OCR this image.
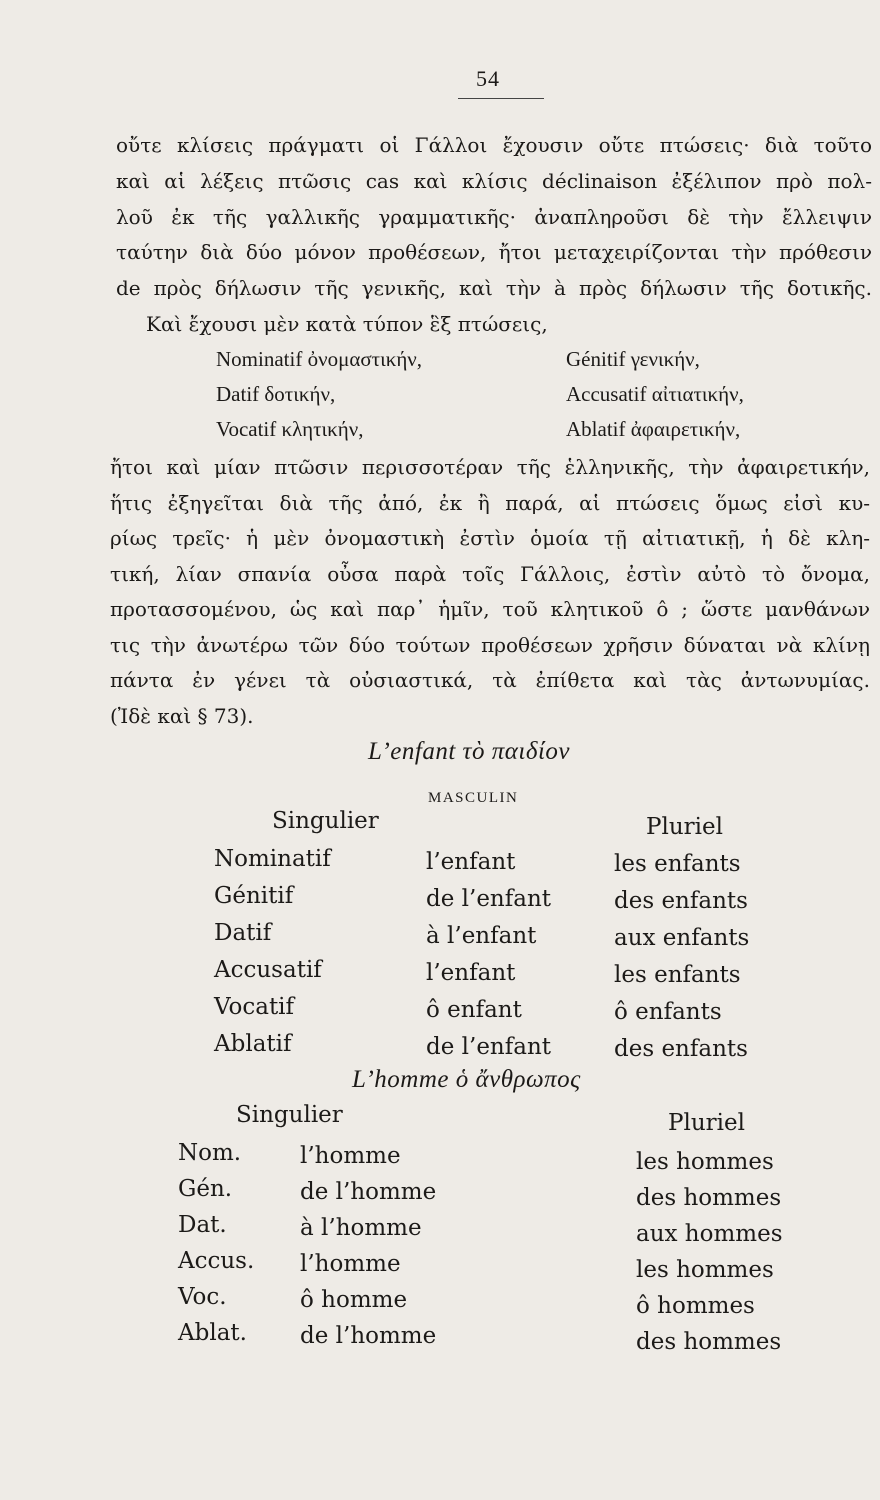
54
οὔτε κλίσεις πράγματι οἱ Γάλλοι ἔχουσιν οὔτε πτώσεις· διὰ τοῦτο
καὶ αἱ λέξεις πτῶσις cas καὶ κλίσις déclinaison ἐξέλιπον πρὸ πολ-
λοῦ ἐκ τῆς γαλλικῆς γραμματικῆς· ἀναπληροῦσι δὲ τὴν ἔλλειψιν
ταύτην διὰ δύο μόνον προθέσεων, ἤτοι μεταχειρίζονται τὴν πρόθεσιν
de πρὸς δήλωσιν τῆς γενικῆς, καὶ τὴν à πρὸς δήλωσιν τῆς δοτικῆς.
Καὶ ἔχουσι μὲν κατὰ τύπον ἓξ πτώσεις,
Nominatif ὀνομαστικήν,	Génitif γενικήν,
Datif δοτικήν,	Accusatif αἰτιατικήν,
Vocatif κλητικήν,	Ablatif ἀφαιρετικήν,
ἤτοι καὶ μίαν πτῶσιν περισσοτέραν τῆς ἑλληνικῆς, τὴν ἀφαιρετικήν,
ἥτις ἐξηγεῖται διὰ τῆς ἀπό, ἐκ ἢ παρά, αἱ πτώσεις ὅμως εἰσὶ κυ-
ρίως τρεῖς· ἡ μὲν ὀνομαστικὴ ἐστὶν ὁμοία τῇ αἰτιατικῇ, ἡ δὲ κλη-
τική, λίαν σπανία οὖσα παρὰ τοῖς Γάλλοις, ἐστὶν αὐτὸ τὸ ὄνομα,
προτασσομένου, ὡς καὶ παρ᾽ ἡμῖν, τοῦ κλητικοῦ ô ; ὥστε μανθάνων
τις τὴν ἀνωτέρω τῶν δύο τούτων προθέσεων χρῆσιν δύναται νὰ κλίνῃ
πάντα ἐν γένει τὰ οὐσιαστικά, τὰ ἐπίθετα καὶ τὰς ἀντωνυμίας.
(Ἰδὲ καὶ § 73).
L’enfant τὸ παιδίον
MASCULIN
Singulier	Pluriel
Nominatif	l’enfant	les enfants
Génitif	de l’enfant	des enfants
Datif	à l’enfant	aux enfants
Accusatif	l’enfant	les enfants
Vocatif	ô enfant	ô enfants
Ablatif	de l’enfant	des enfants
L’homme ὁ ἄνθρωπος
Singulier	Pluriel
Nom.	l’homme	les hommes
Gén.	de l’homme	des hommes
Dat.	à l’homme	aux hommes
Accus. l’homme	les hommes
Voc.	ô homme	ô hommes
Ablat. de l’homme	des hommes
